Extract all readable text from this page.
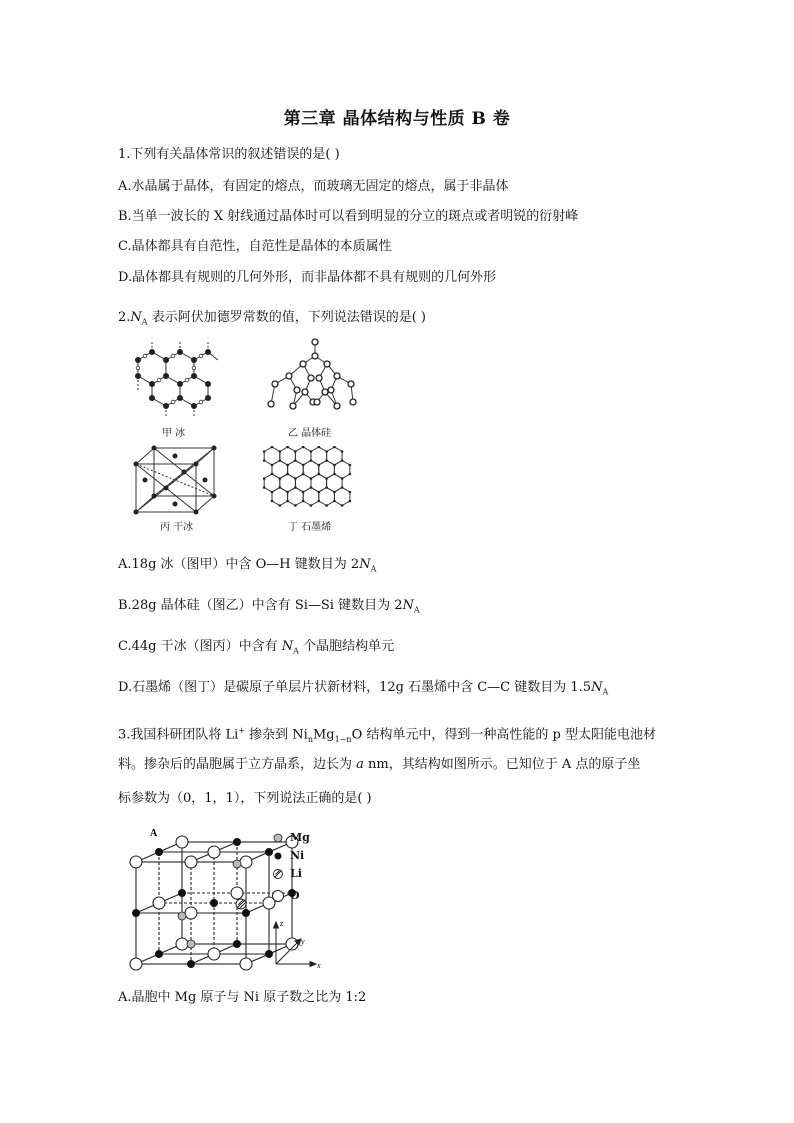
第三章 晶体结构与性质 B 卷
1.下列有关晶体常识的叙述错误的是( )
A.水晶属于晶体，有固定的熔点，而玻璃无固定的熔点，属于非晶体
B.当单一波长的 X 射线通过晶体时可以看到明显的分立的斑点或者明锐的衍射峰
C.晶体都具有自范性，自范性是晶体的本质属性
D.晶体都具有规则的几何外形，而非晶体都不具有规则的几何外形
$2.N_A$ 表示阿伏加德罗常数的值，下列说法错误的是( )
甲 冰	乙 晶体硅
丙 干冰	丁 石墨烯
A.18g 冰（图甲）中含 O—H 键数目为 $2N_A$
B.28g 晶体硅（图乙）中含有 Si—Si 键数目为 $2N_A$
C.44g 干冰（图丙）中含有 $N_A$ 个晶胞结构单元
D.石墨烯（图丁）是碳原子单层片状新材料，12g 石墨烯中含 C—C 键数目为 $1.5N_A$
3.我国科研团队将 Li+ 掺杂到 $Ni_nMg_{1-n}O$ 结构单元中，得到一种高性能的 p 型太阳能电池材
料。掺杂后的晶胞属于立方晶系，边长为 a nm，其结构如图所示。已知位于 A 点的原子坐
标参数为（0，1，1），下列说法正确的是( )
A	Mg
Ni
Li
O
z
y
x
A.晶胞中 Mg 原子与 Ni 原子数之比为 1:2
